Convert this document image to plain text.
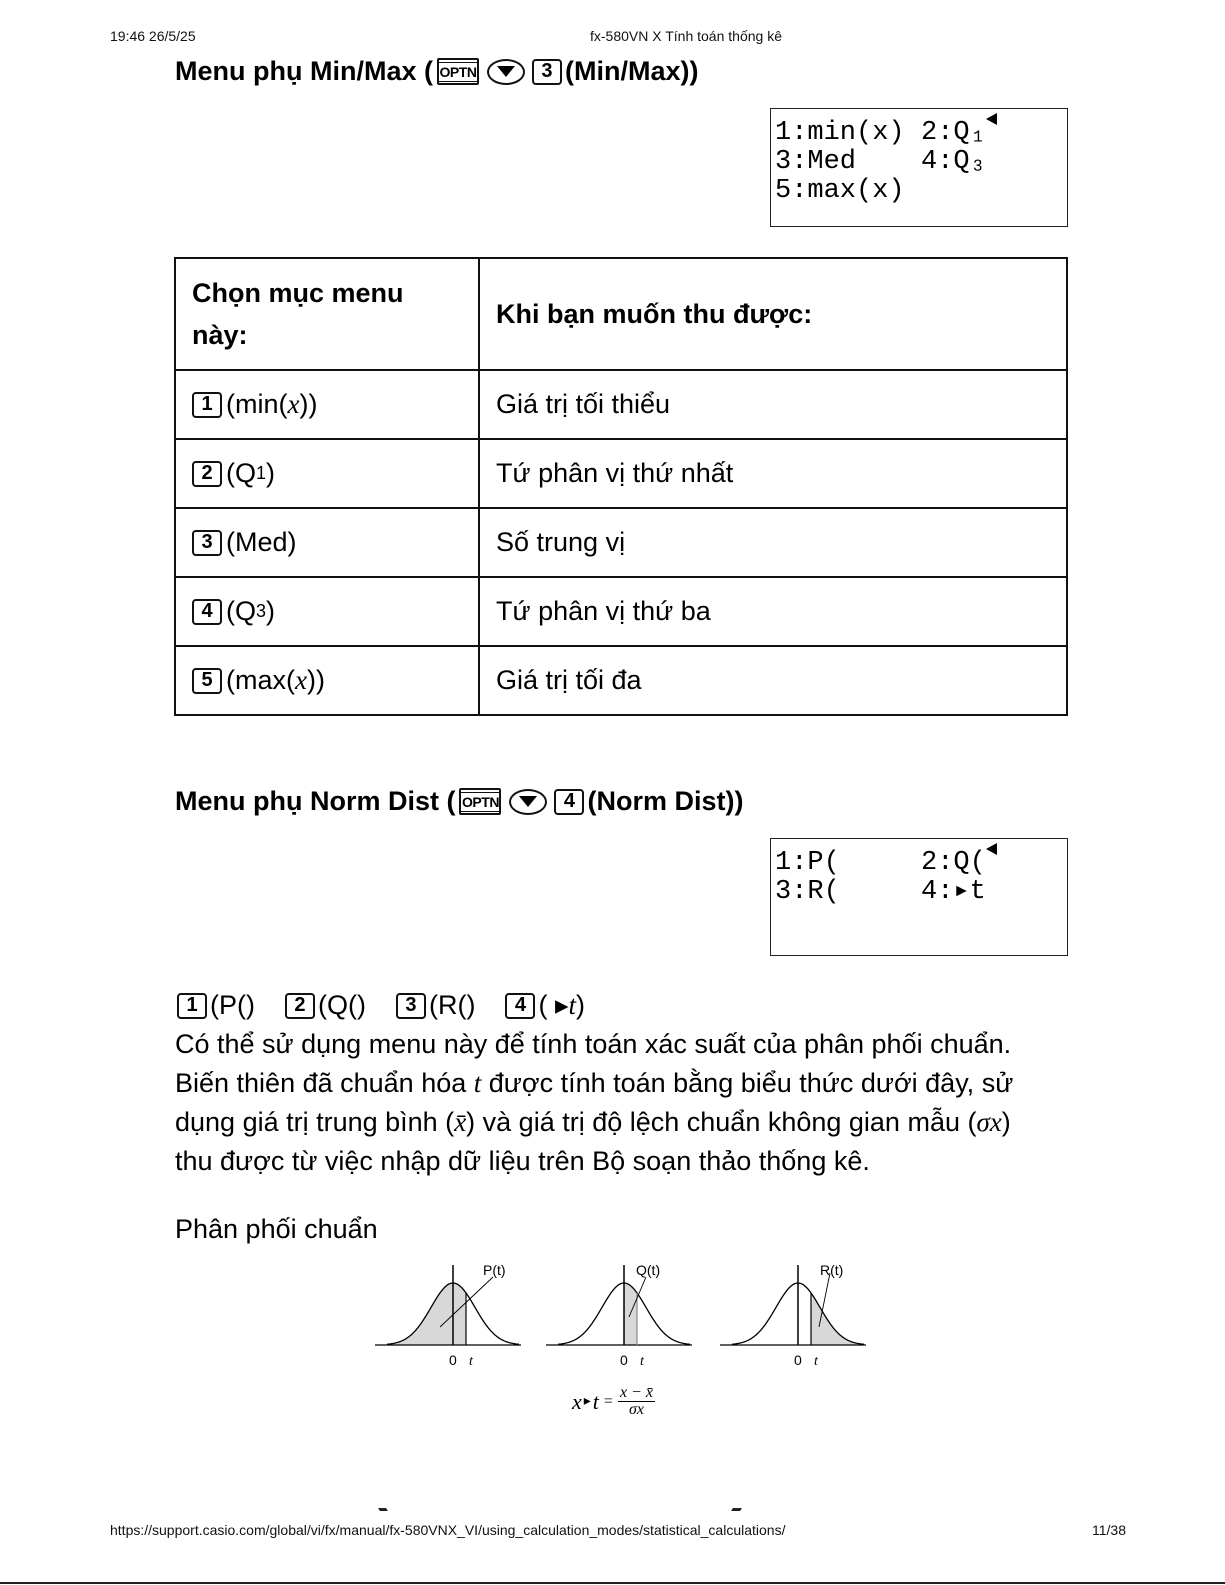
19:46 26/5/25	fx-580VN X Tính toán thống kê
Menu phụ Min/Max ( OPTN	3 (Min/Max))
1:min(x) 2:Q₁
3:Med	4:Q₃
5:max(x)
Chọn mục menu này:	Khi bạn muốn thu được:

1 (min( x ))	Giá trị tối thiểu

2 (Q 1 )	Tứ phân vị thứ nhất

3 (Med)	Số trung vị

4 (Q 3 )	Tứ phân vị thứ ba

5 (max( x ))	Giá trị tối đa
Menu phụ Norm Dist ( OPTN	4 (Norm Dist))
1:P(	2:Q(
3:R(	4:▸t
1 (P()	2 (Q()	3 (R()	4 ( ▸ t )
Có thể sử dụng menu này để tính toán xác suất của phân phối chuẩn.
Biến thiên đã chuẩn hóa t được tính toán bằng biểu thức dưới đây, sử
dụng giá trị trung bình (x̄) và giá trị độ lệch chuẩn không gian mẫu (σx)
thu được từ việc nhập dữ liệu trên Bộ soạn thảo thống kê.
Phân phối chuẩn
P(t)
0 t
Q(t)
0 t
R(t)
0 t
x ▸ $t = \frac{x - x̄}{\sigma x}$
https://support.casio.com/global/vi/fx/manual/fx-580VNX_VI/using_calculation_modes/statistical_calculations/	11/38
